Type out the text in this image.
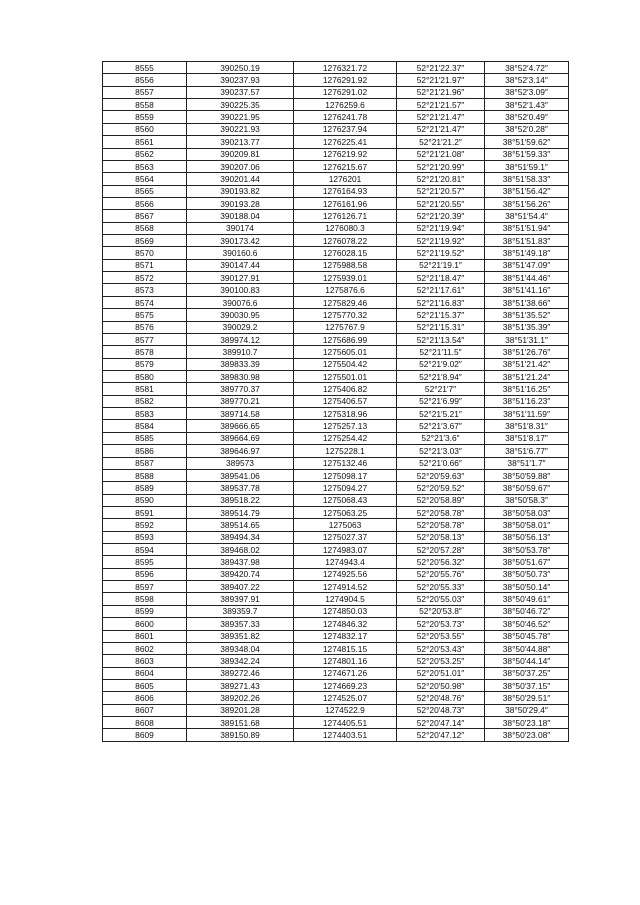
8555	390250.19	1276321.72	52°21′22.37″	38°52′4.72″
8556	390237.93	1276291.92	52°21′21.97″	38°52′3.14″
8557	390237.57	1276291.02	52°21′21.96″	38°52′3.09″
8558	390225.35	1276259.6	52°21′21.57″	38°52′1.43″
8559	390221.95	1276241.78	52°21′21.47″	38°52′0.49″
8560	390221.93	1276237.94	52°21′21.47″	38°52′0.28″
8561	390213.77	1276225.41	52°21′21.2″	38°51′59.62″
8562	390209.81	1276219.92	52°21′21.08″	38°51′59.33″
8563	390207.06	1276215.67	52°21′20.99″	38°51′59.1″
8564	390201.44	1276201	52°21′20.81″	38°51′58.33″
8565	390193.82	1276164.93	52°21′20.57″	38°51′56.42″
8566	390193.28	1276161.96	52°21′20.55″	38°51′56.26″
8567	390188.04	1276126.71	52°21′20.39″	38°51′54.4″
8568	390174	1276080.3	52°21′19.94″	38°51′51.94″
8569	390173.42	1276078.22	52°21′19.92″	38°51′51.83″
8570	390160.6	1276028.15	52°21′19.52″	38°51′49.18″
8571	390147.44	1275988.58	52°21′19.1″	38°51′47.09″
8572	390127.91	1275939.01	52°21′18.47″	38°51′44.46″
8573	390100.83	1275876.6	52°21′17.61″	38°51′41.16″
8574	390076.6	1275829.46	52°21′16.83″	38°51′38.66″
8575	390030.95	1275770.32	52°21′15.37″	38°51′35.52″
8576	390029.2	1275767.9	52°21′15.31″	38°51′35.39″
8577	389974.12	1275686.99	52°21′13.54″	38°51′31.1″
8578	389910.7	1275605.01	52°21′11.5″	38°51′26.76″
8579	389833.39	1275504.42	52°21′9.02″	38°51′21.42″
8580	389830.98	1275501.01	52°21′8.94″	38°51′21.24″
8581	389770.37	1275406.82	52°21′7″	38°51′16.25″
8582	389770.21	1275406.57	52°21′6.99″	38°51′16.23″
8583	389714.58	1275318.96	52°21′5.21″	38°51′11.59″
8584	389666.65	1275257.13	52°21′3.67″	38°51′8.31″
8585	389664.69	1275254.42	52°21′3.6″	38°51′8.17″
8586	389646.97	1275228.1	52°21′3.03″	38°51′6.77″
8587	389573	1275132.46	52°21′0.66″	38°51′1.7″
8588	389541.06	1275098.17	52°20′59.63″	38°50′59.88″
8589	389537.78	1275094.27	52°20′59.52″	38°50′59.67″
8590	389518.22	1275068.43	52°20′58.89″	38°50′58.3″
8591	389514.79	1275063.25	52°20′58.78″	38°50′58.03″
8592	389514.65	1275063	52°20′58.78″	38°50′58.01″
8593	389494.34	1275027.37	52°20′58.13″	38°50′56.13″
8594	389468.02	1274983.07	52°20′57.28″	38°50′53.78″
8595	389437.98	1274943.4	52°20′56.32″	38°50′51.67″
8596	389420.74	1274925.56	52°20′55.76″	38°50′50.73″
8597	389407.22	1274914.52	52°20′55.33″	38°50′50.14″
8598	389397.91	1274904.5	52°20′55.03″	38°50′49.61″
8599	389359.7	1274850.03	52°20′53.8″	38°50′46.72″
8600	389357.33	1274846.32	52°20′53.73″	38°50′46.52″
8601	389351.82	1274832.17	52°20′53.55″	38°50′45.78″
8602	389348.04	1274815.15	52°20′53.43″	38°50′44.88″
8603	389342.24	1274801.16	52°20′53.25″	38°50′44.14″
8604	389272.46	1274671.26	52°20′51.01″	38°50′37.25″
8605	389271.43	1274669.23	52°20′50.98″	38°50′37.15″
8606	389202.26	1274525.07	52°20′48.76″	38°50′29.51″
8607	389201.28	1274522.9	52°20′48.73″	38°50′29.4″
8608	389151.68	1274405.51	52°20′47.14″	38°50′23.18″
8609	389150.89	1274403.51	52°20′47.12″	38°50′23.08″
